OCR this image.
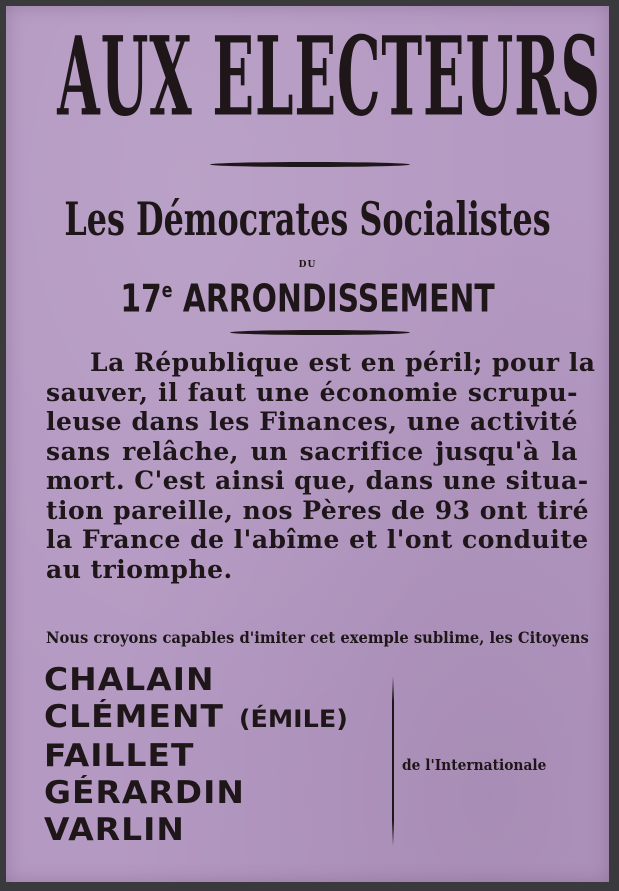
AUX ELECTEURS
Les Démocrates Socialistes
DU
17e ARRONDISSEMENT
La République est en péril; pour la
sauver, il faut une économie scrupu-
leuse dans les Finances, une activité
sans relâche, un sacrifice jusqu'à la
mort. C'est ainsi que, dans une situa-
tion pareille, nos Pères de 93 ont tiré
la France de l'abîme et l'ont conduite
au triomphe.
Nous croyons capables d'imiter cet exemple sublime, les Citoyens
CHALAIN
CLÉMENT (ÉMILE)
FAILLET
GÉRARDIN
VARLIN
de l'Internationale
